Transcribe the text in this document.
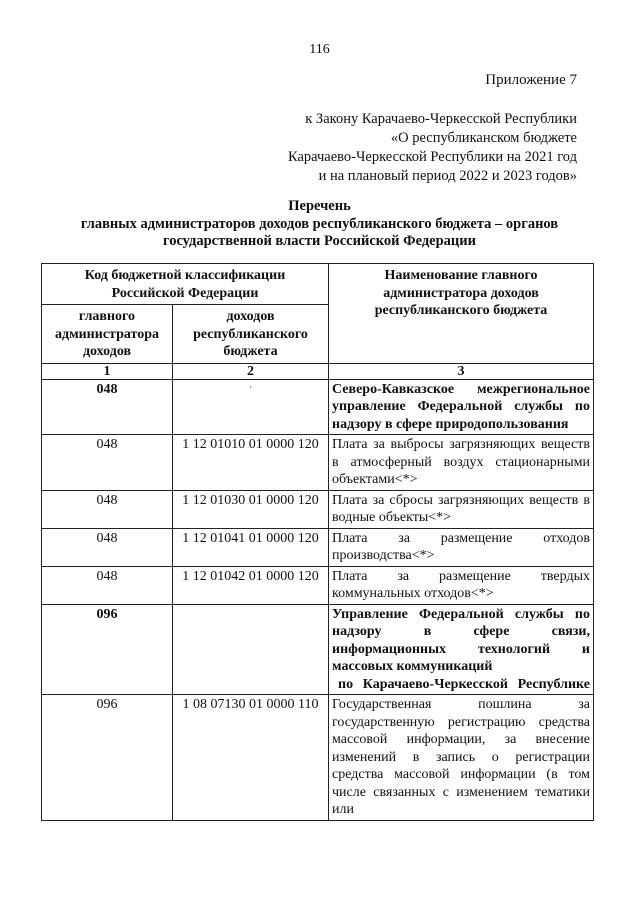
116
Приложение 7
к Закону Карачаево-Черкесской Республики
«О республиканском бюджете
Карачаево-Черкесской Республики на 2021 год
и на плановый период 2022 и 2023 годов»
Перечень
главных администраторов доходов республиканского бюджета – органов
государственной власти Российской Федерации
Код бюджетной классификации Российской Федерации		Наименование главного администратора доходов республиканского бюджета
главного администратора доходов	доходов республиканского бюджета	
1	2	3
048	·	Северо-Кавказское межрегиональное управление Федеральной службы по надзору в сфере природопользования
048	1 12 01010 01 0000 120	Плата за выбросы загрязняющих веществ в атмосферный воздух стационарными объектами<*>
048	1 12 01030 01 0000 120	Плата за сбросы загрязняющих веществ в водные объекты<*>
048	1 12 01041 01 0000 120	Плата за размещение отходов производства<*>
048	1 12 01042 01 0000 120	Плата за размещение твердых коммунальных отходов<*>
096		Управление Федеральной службы по надзору в сфере связи, информационных технологий и массовых коммуникаций
по Карачаево-Черкесской Республике

096	1 08 07130 01 0000 110	Государственная пошлина за государственную регистрацию средства массовой информации, за внесение изменений в запись о регистрации средства массовой информации (в том числе связанных с изменением тематики или
